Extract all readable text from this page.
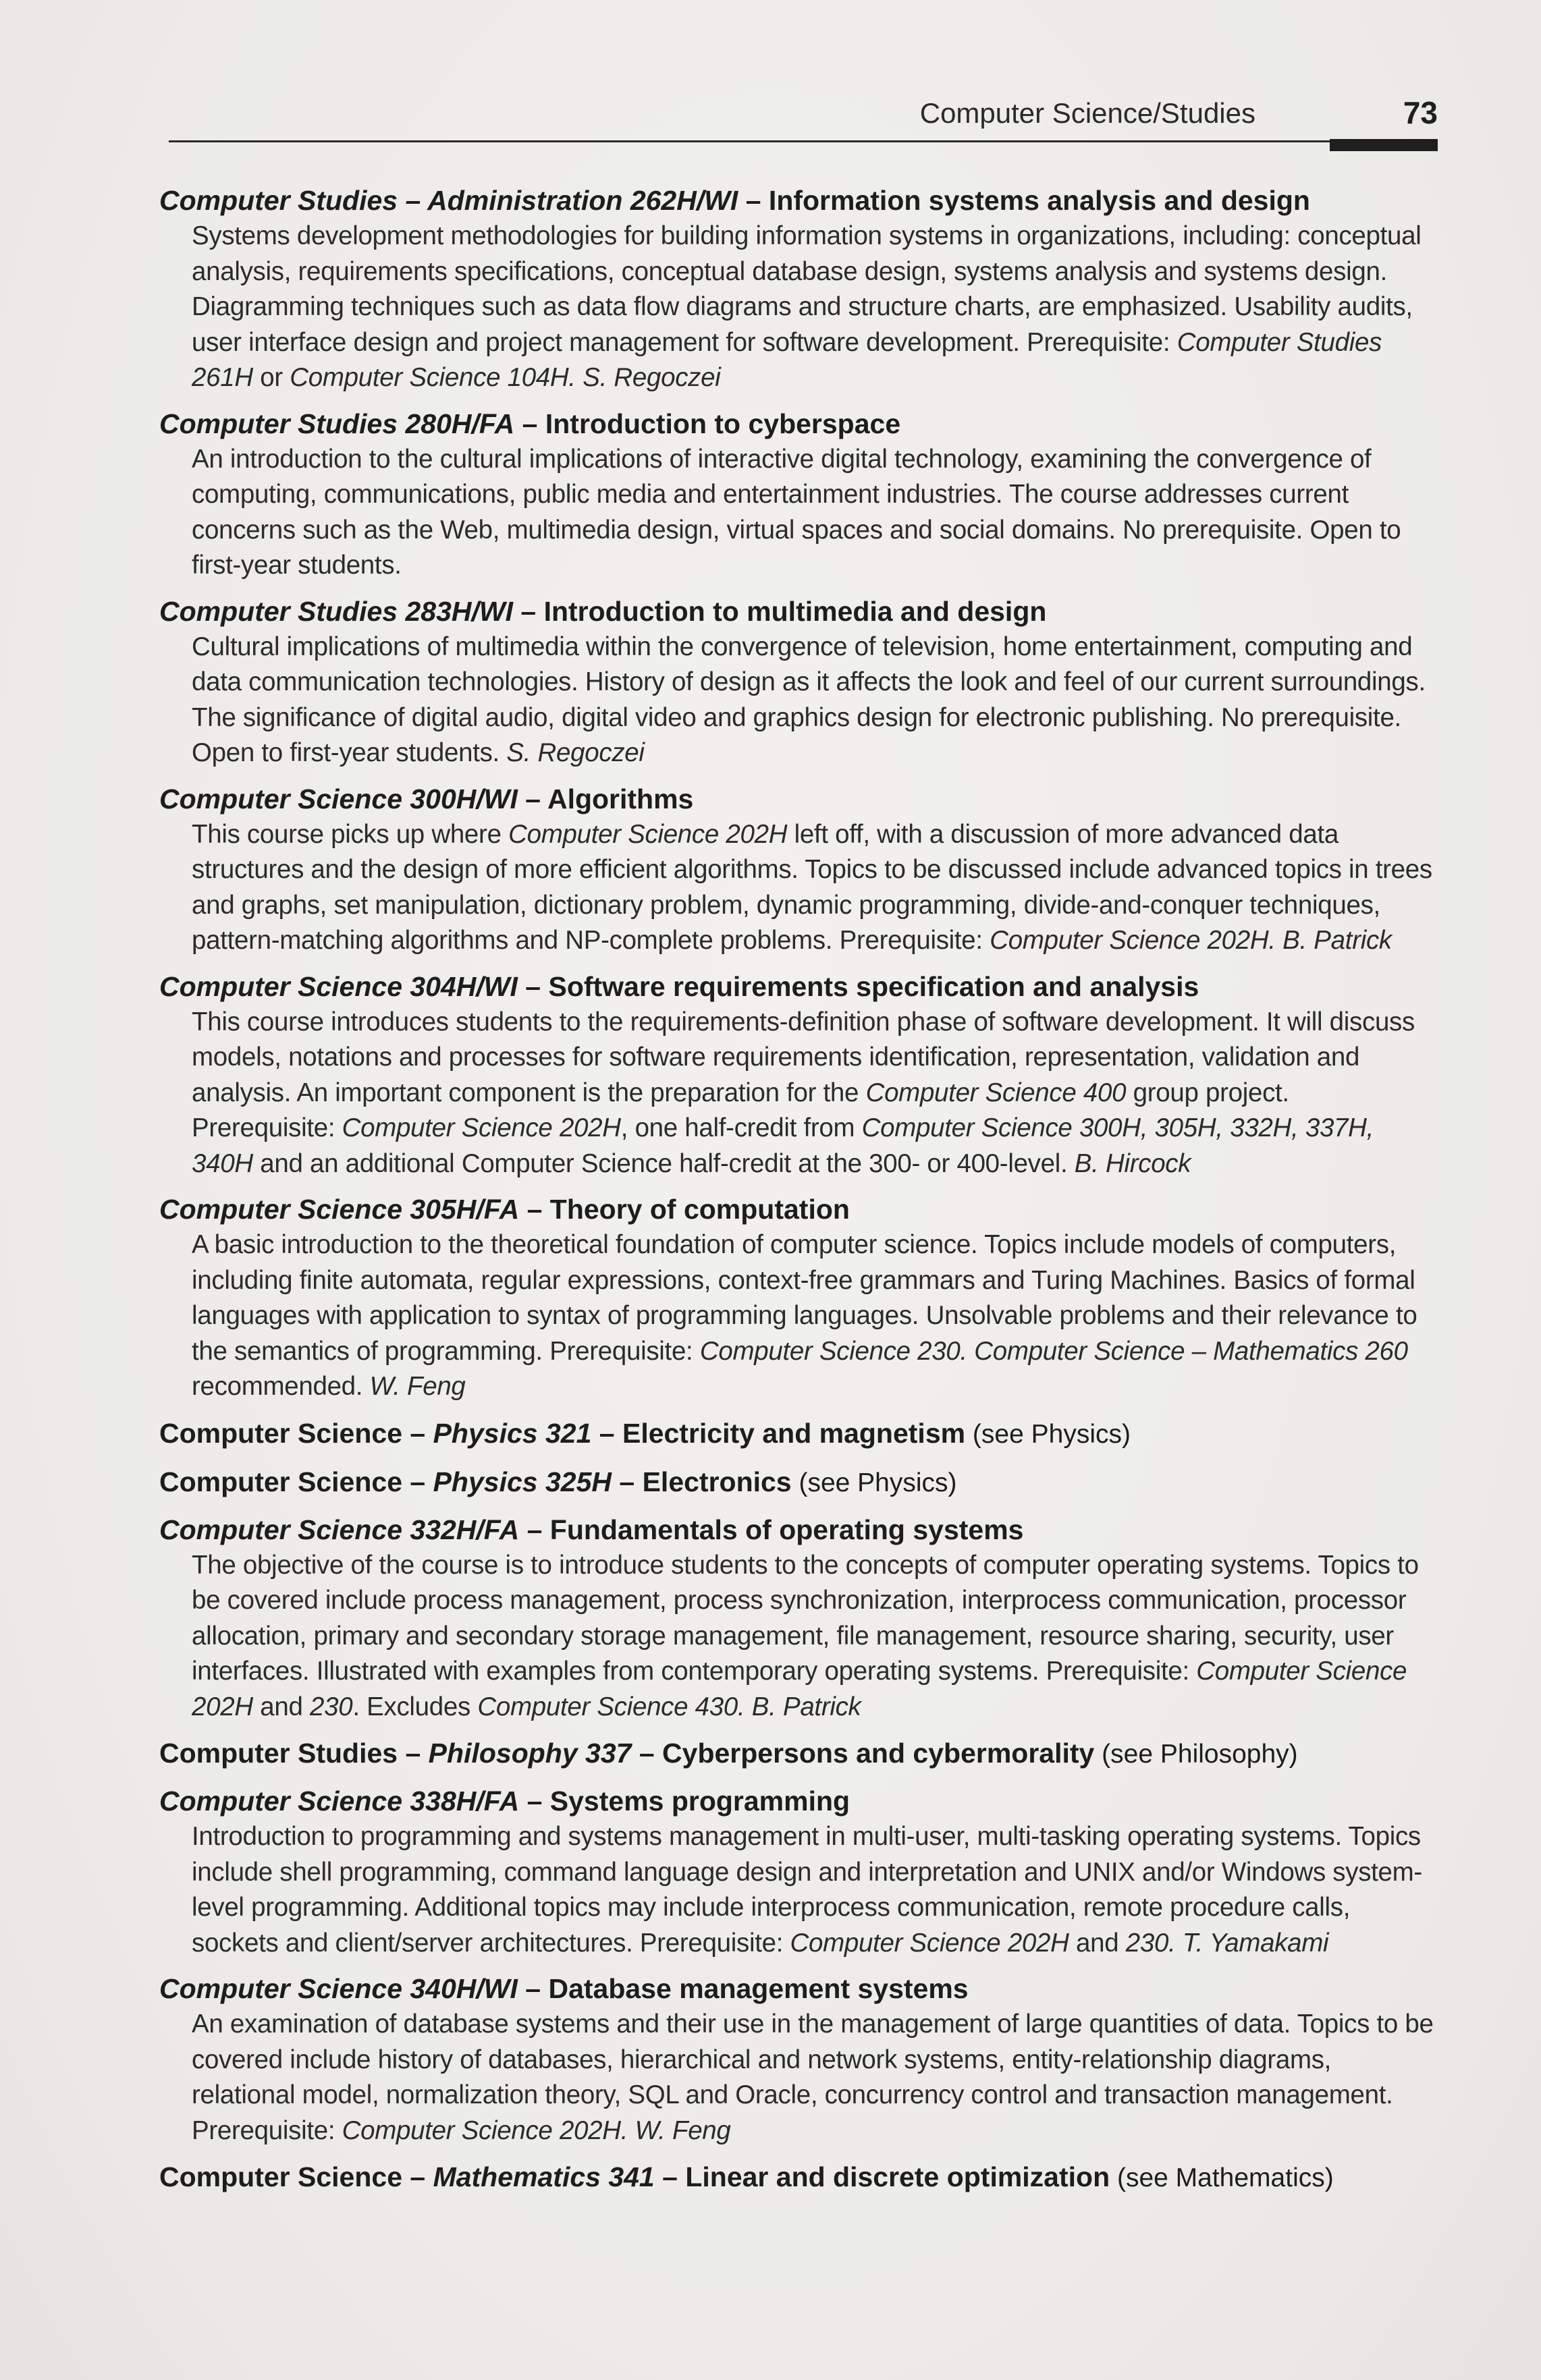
Computer Science/Studies	73
Computer Studies – Administration 262H/WI – Information systems analysis and design
Systems development methodologies for building information systems in organizations, including: conceptual analysis, requirements specifications, conceptual database design, systems analysis and systems design. Diagramming techniques such as data flow diagrams and structure charts, are emphasized. Usability audits, user interface design and project management for software development. Prerequisite: Computer Studies 261H or Computer Science 104H. S. Regoczei
Computer Studies 280H/FA – Introduction to cyberspace
An introduction to the cultural implications of interactive digital technology, examining the convergence of computing, communications, public media and entertainment industries. The course addresses current concerns such as the Web, multimedia design, virtual spaces and social domains. No prerequisite. Open to first-year students.
Computer Studies 283H/WI – Introduction to multimedia and design
Cultural implications of multimedia within the convergence of television, home entertainment, computing and data communication technologies. History of design as it affects the look and feel of our current surroundings. The significance of digital audio, digital video and graphics design for electronic publishing. No prerequisite. Open to first-year students. S. Regoczei
Computer Science 300H/WI – Algorithms
This course picks up where Computer Science 202H left off, with a discussion of more advanced data structures and the design of more efficient algorithms. Topics to be discussed include advanced topics in trees and graphs, set manipulation, dictionary problem, dynamic programming, divide-and-conquer techniques, pattern-matching algorithms and NP-complete problems. Prerequisite: Computer Science 202H. B. Patrick
Computer Science 304H/WI – Software requirements specification and analysis
This course introduces students to the requirements-definition phase of software development. It will discuss models, notations and processes for software requirements identification, representation, validation and analysis. An important component is the preparation for the Computer Science 400 group project. Prerequisite: Computer Science 202H, one half-credit from Computer Science 300H, 305H, 332H, 337H, 340H and an additional Computer Science half-credit at the 300- or 400-level. B. Hircock
Computer Science 305H/FA – Theory of computation
A basic introduction to the theoretical foundation of computer science. Topics include models of computers, including finite automata, regular expressions, context-free grammars and Turing Machines. Basics of formal languages with application to syntax of programming languages. Unsolvable problems and their relevance to the semantics of programming. Prerequisite: Computer Science 230. Computer Science – Mathematics 260 recommended. W. Feng
Computer Science – Physics 321 – Electricity and magnetism (see Physics)
Computer Science – Physics 325H – Electronics (see Physics)
Computer Science 332H/FA – Fundamentals of operating systems
The objective of the course is to introduce students to the concepts of computer operating systems. Topics to be covered include process management, process synchronization, interprocess communication, processor allocation, primary and secondary storage management, file management, resource sharing, security, user interfaces. Illustrated with examples from contemporary operating systems. Prerequisite: Computer Science 202H and 230. Excludes Computer Science 430. B. Patrick
Computer Studies – Philosophy 337 – Cyberpersons and cybermorality (see Philosophy)
Computer Science 338H/FA – Systems programming
Introduction to programming and systems management in multi-user, multi-tasking operating systems. Topics include shell programming, command language design and interpretation and UNIX and/or Windows system-level programming. Additional topics may include interprocess communication, remote procedure calls, sockets and client/server architectures. Prerequisite: Computer Science 202H and 230. T. Yamakami
Computer Science 340H/WI – Database management systems
An examination of database systems and their use in the management of large quantities of data. Topics to be covered include history of databases, hierarchical and network systems, entity-relationship diagrams, relational model, normalization theory, SQL and Oracle, concurrency control and transaction management. Prerequisite: Computer Science 202H. W. Feng
Computer Science – Mathematics 341 – Linear and discrete optimization (see Mathematics)
